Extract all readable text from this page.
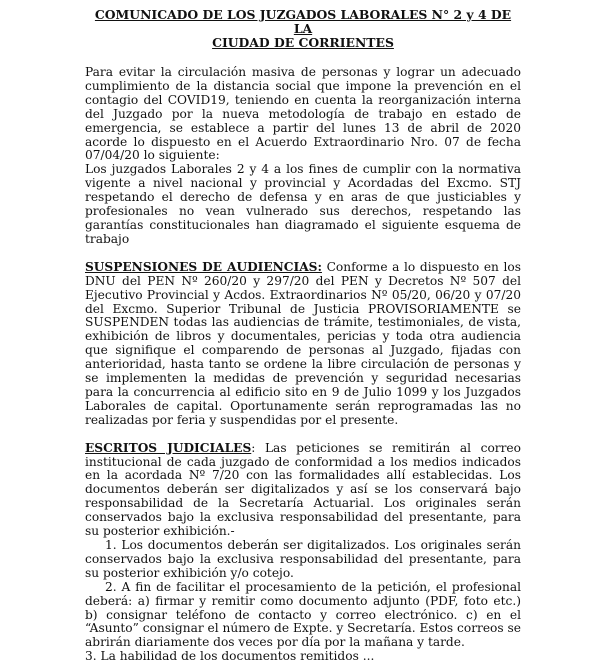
COMUNICADO DE LOS JUZGADOS LABORALES N° 2 y 4 DE LA
CIUDAD DE CORRIENTES

Para evitar la circulación masiva de personas y lograr un adecuado cumplimiento de la distancia social que impone la prevención en el contagio del COVID19, teniendo en cuenta la reorganización interna del Juzgado por la nueva metodología de trabajo en estado de emergencia, se establece a partir del lunes 13 de abril de 2020 acorde lo dispuesto en el Acuerdo Extraordinario Nro. 07 de fecha 07/04/20 lo siguiente:

Los juzgados Laborales 2 y 4 a los fines de cumplir con la normativa vigente a nivel nacional y provincial y Acordadas del Excmo. STJ respetando el derecho de defensa y en aras de que justiciables y profesionales no vean vulnerado sus derechos, respetando las garantías constitucionales han diagramado el siguiente esquema de trabajo

SUSPENSIONES DE AUDIENCIAS: Conforme a lo dispuesto en los DNU del PEN Nº 260/20 y 297/20 del PEN y Decretos Nº 507 del Ejecutivo Provincial y Acdos. Extraordinarios Nº 05/20, 06/20 y 07/20 del Excmo. Superior Tribunal de Justicia PROVISORIAMENTE se SUSPENDEN todas las audiencias de trámite, testimoniales, de vista, exhibición de libros y documentales, pericias y toda otra audiencia que signifique el comparendo de personas al Juzgado, fijadas con anterioridad, hasta tanto se ordene la libre circulación de personas y se implementen la medidas de prevención y seguridad necesarias para la concurrencia al edificio sito en 9 de Julio 1099 y los Juzgados Laborales de capital. Oportunamente serán reprogramadas las no realizadas por feria y suspendidas por el presente.

ESCRITOS JUDICIALES: Las peticiones se remitirán al correo institucional de cada juzgado de conformidad a los medios indicados en la acordada Nº 7/20 con las formalidades allí establecidas. Los documentos deberán ser digitalizados y así se los conservará bajo responsabilidad de la Secretaría Actuarial. Los originales serán conservados bajo la exclusiva responsabilidad del presentante, para su posterior exhibición.-

1. Los documentos deberán ser digitalizados. Los originales serán conservados bajo la exclusiva responsabilidad del presentante, para su posterior exhibición y/o cotejo.

2. A fin de facilitar el procesamiento de la petición, el profesional deberá: a) firmar y remitir como documento adjunto (PDF, foto etc.) b) consignar teléfono de contacto y correo electrónico. c) en el “Asunto” consignar el número de Expte. y Secretaría. Estos correos se abrirán diariamente dos veces por día por la mañana y tarde.

3. La habilidad de los documentos remitidos ...
